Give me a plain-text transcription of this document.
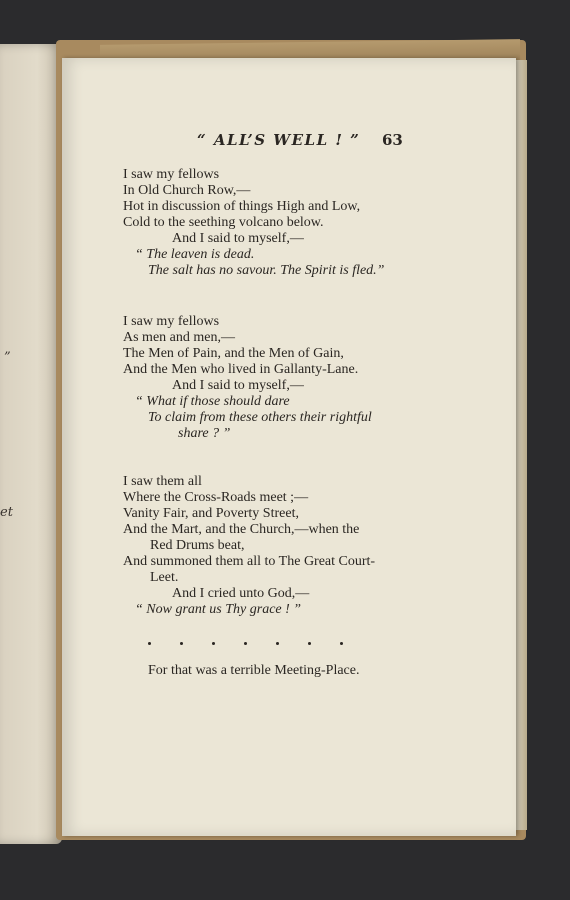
”
et
“ ALL’S WELL ! ” 63
I saw my fellows
In Old Church Row,—
Hot in discussion of things High and Low,
Cold to the seething volcano below.
And I said to myself,—
“ The leaven is dead.
The salt has no savour. The Spirit is fled.”
I saw my fellows
As men and men,—
The Men of Pain, and the Men of Gain,
And the Men who lived in Gallanty-Lane.
And I said to myself,—
“ What if those should dare
To claim from these others their rightful
share ? ”
I saw them all
Where the Cross-Roads meet ;—
Vanity Fair, and Poverty Street,
And the Mart, and the Church,—when the
Red Drums beat,
And summoned them all to The Great Court-
Leet.
And I cried unto God,—
“ Now grant us Thy grace ! ”
For that was a terrible Meeting-Place.
